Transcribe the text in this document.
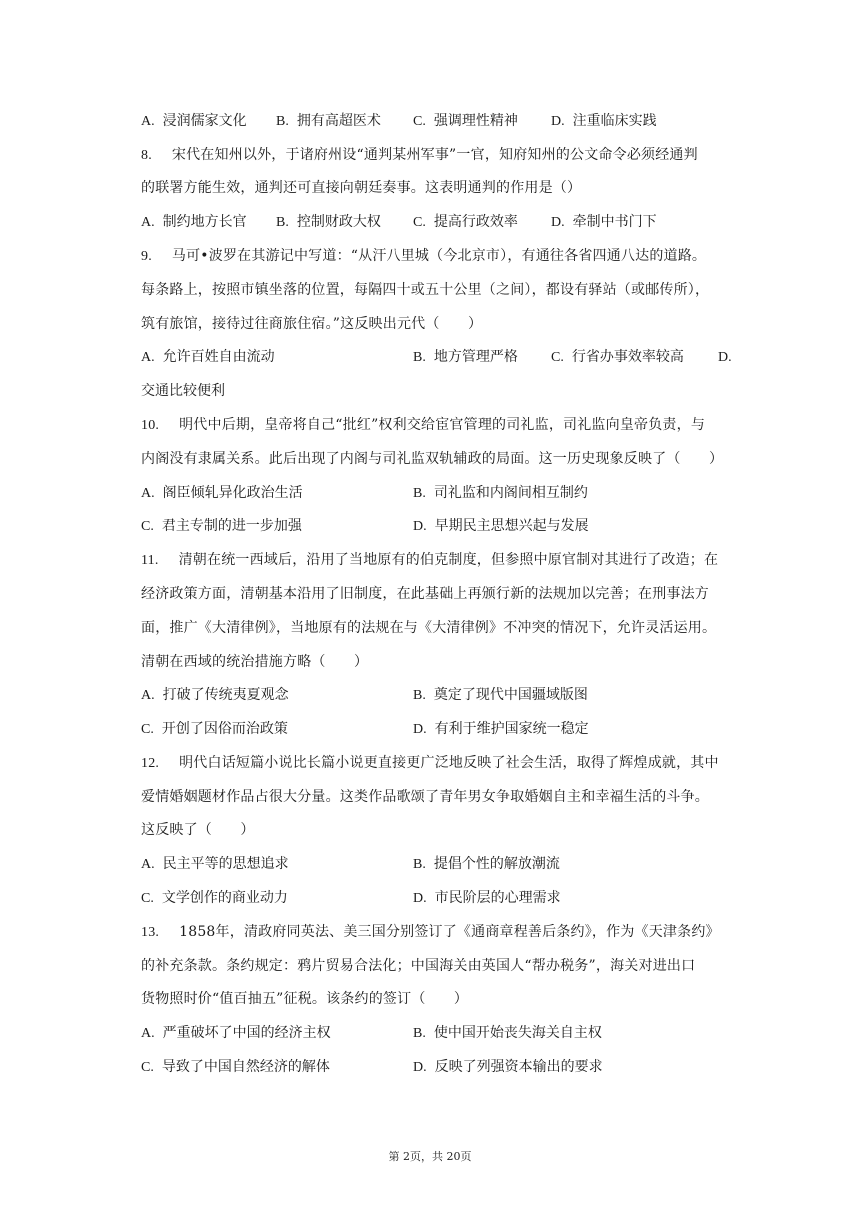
A. 浸润儒家文化 B. 拥有高超医术 C. 强调理性精神 D. 注重临床实践
8. 宋代在知州以外，于诸府州设“通判某州军事”一官，知府知州的公文命令必须经通判
的联署方能生效，通判还可直接向朝廷奏事。这表明通判的作用是（）
A. 制约地方长官 B. 控制财政大权 C. 提高行政效率 D. 牵制中书门下
9. 马可•波罗在其游记中写道：“从汗八里城（今北京市），有通往各省四通八达的道路。
每条路上，按照市镇坐落的位置，每隔四十或五十公里（之间），都设有驿站（或邮传所），
筑有旅馆，接待过往商旅住宿。”这反映出元代（　　）
A. 允许百姓自由流动	B. 地方管理严格 C. 行省办事效率较高 D.
交通比较便利
10. 明代中后期，皇帝将自己“批红”权利交给宦官管理的司礼监，司礼监向皇帝负责，与
内阁没有隶属关系。此后出现了内阁与司礼监双轨辅政的局面。这一历史现象反映了（　　）
A. 阁臣倾轧异化政治生活	B. 司礼监和内阁间相互制约
C. 君主专制的进一步加强	D. 早期民主思想兴起与发展
11. 清朝在统一西域后，沿用了当地原有的伯克制度，但参照中原官制对其进行了改造；在
经济政策方面，清朝基本沿用了旧制度，在此基础上再颁行新的法规加以完善；在刑事法方
面，推广《大清律例》，当地原有的法规在与《大清律例》不冲突的情况下，允许灵活运用。
清朝在西域的统治措施方略（　　）
A. 打破了传统夷夏观念	B. 奠定了现代中国疆域版图
C. 开创了因俗而治政策	D. 有利于维护国家统一稳定
12. 明代白话短篇小说比长篇小说更直接更广泛地反映了社会生活，取得了辉煌成就，其中
爱情婚姻题材作品占很大分量。这类作品歌颂了青年男女争取婚姻自主和幸福生活的斗争。
这反映了（　　）
A. 民主平等的思想追求	B. 提倡个性的解放潮流
C. 文学创作的商业动力	D. 市民阶层的心理需求
13. 1858年，清政府同英法、美三国分别签订了《通商章程善后条约》，作为《天津条约》
的补充条款。条约规定：鸦片贸易合法化；中国海关由英国人“帮办税务”，海关对进出口
货物照时价“值百抽五”征税。该条约的签订（　　）
A. 严重破坏了中国的经济主权	B. 使中国开始丧失海关自主权
C. 导致了中国自然经济的解体	D. 反映了列强资本输出的要求
第 2页，共 20页
